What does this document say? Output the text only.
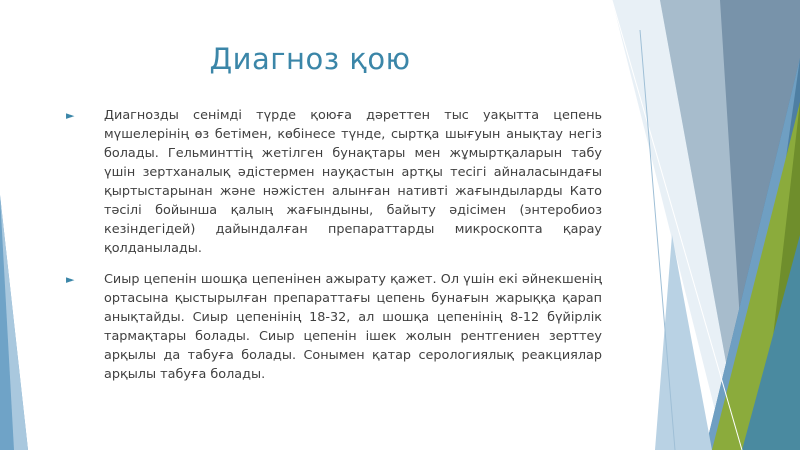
Диагноз қою
► Диагнозды сенімді түрде қоюға дәреттен тыс уақытта цепень мүшелерінің өз бетімен, көбінесе түнде, сыртқа шығуын анықтау негіз болады. Гельминттің жетілген бунақтары мен жұмыртқаларын табу үшін зертханалық әдістермен науқастын артқы тесігі айналасындағы қыртыстарынан және нәжістен алынған нативті жағындыларды Като тәсілі бойынша қалың жағындыны, байыту әдісімен (энтеробиоз кезіндегідей) дайындалған препараттарды микроскопта қарау қолданылады.
► Сиыр цепенін шошқа цепенінен ажырату қажет. Ол үшін екі әйнекшенің ортасына қыстырылған препараттағы цепень бунағын жарыққа қарап анықтайды. Сиыр цепенінің 18-32, ал шошқа цепенінің 8-12 бүйірлік тармақтары болады. Сиыр цепенін ішек жолын рентгениен зерттеу арқылы да табуға болады. Сонымен қатар серологиялық реакциялар арқылы табуға болады.
